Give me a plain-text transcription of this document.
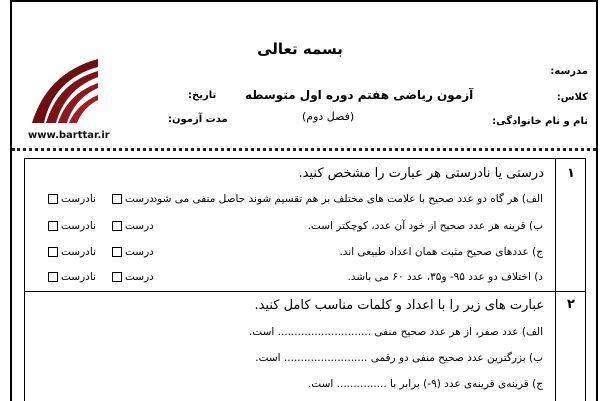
بسمه تعالی
آزمون ریاضی هفتم دوره اول متوسطه
(فصل دوم)
مدرسه:
کلاس:
نام و نام خانوادگی:
تاریخ:
مدت آزمون:
www.barttar.ir
۱
درستی یا نادرستی هر عبارت را مشخص کنید.
الف) هر گاه دو عدد صحیح با علامت های مختلف بر هم تقسیم شوند حاصل منفی می شود.
درست
نادرست
ب) قرینه هر عدد صحیح از خود آن عدد، کوچکتر است.
درست
نادرست
ج) عددهای صحیح مثبت همان اعداد طبیعی اند.
درست
نادرست
د) اختلاف دو عدد ۹۵- و۳۵، عدد ۶۰ می باشد.
درست
نادرست
۲
عبارت های زیر را با اعداد و کلمات مناسب کامل کنید.
الف) عدد صفر، از هر عدد صحیح منفی ............................ است.
ب) بزرگترین عدد صحیح منفی دو رقمی ......................... است.
ج) قرینه‌ی قرینه‌ی عدد (۹-) برابر با ............... است.
